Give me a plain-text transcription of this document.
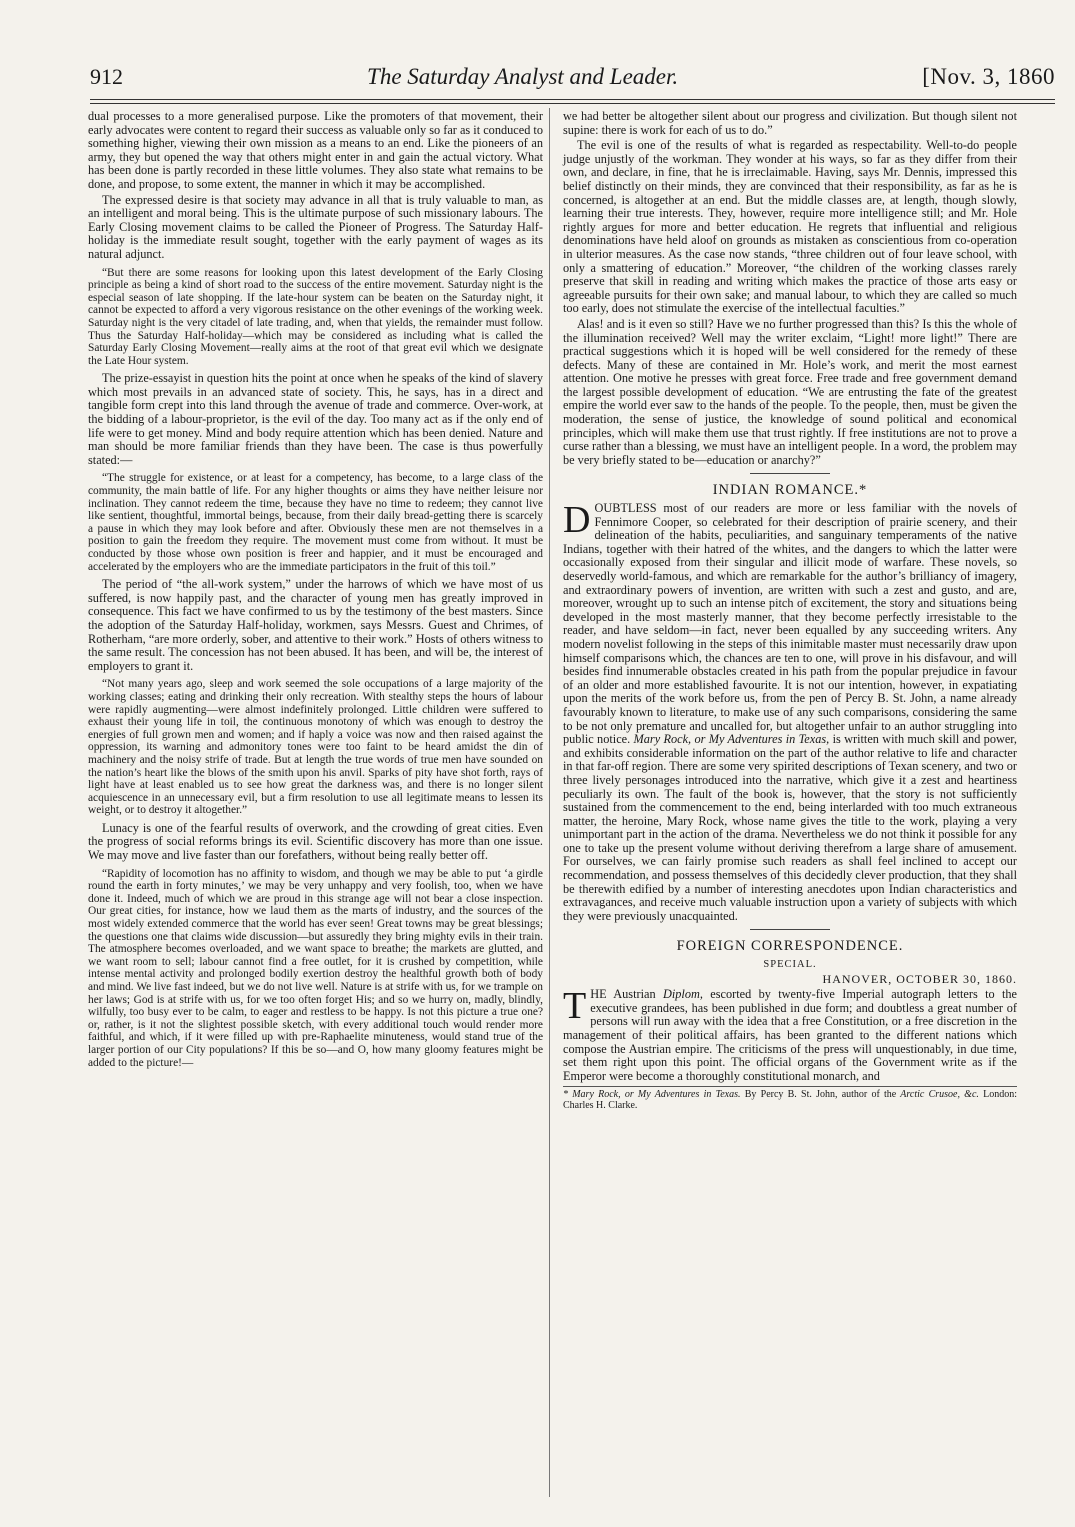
912	The Saturday Analyst and Leader.	[Nov. 3, 1860

dual processes to a more generalised purpose. Like the promoters of that movement, their early advocates were content to regard their success as valuable only so far as it conduced to something higher, viewing their own mission as a means to an end. Like the pioneers of an army, they but opened the way that others might enter in and gain the actual victory. What has been done is partly recorded in these little volumes. They also state what remains to be done, and propose, to some extent, the manner in which it may be accomplished.

The expressed desire is that society may advance in all that is truly valuable to man, as an intelligent and moral being. This is the ultimate purpose of such missionary labours. The Early Closing movement claims to be called the Pioneer of Progress. The Saturday Half-holiday is the immediate result sought, together with the early payment of wages as its natural adjunct.

“But there are some reasons for looking upon this latest development of the Early Closing principle as being a kind of short road to the success of the entire movement. Saturday night is the especial season of late shopping. If the late-hour system can be beaten on the Saturday night, it cannot be expected to afford a very vigorous resistance on the other evenings of the working week. Saturday night is the very citadel of late trading, and, when that yields, the remainder must follow. Thus the Saturday Half-holiday—which may be considered as including what is called the Saturday Early Closing Movement—really aims at the root of that great evil which we designate the Late Hour system.

The prize-essayist in question hits the point at once when he speaks of the kind of slavery which most prevails in an advanced state of society. This, he says, has in a direct and tangible form crept into this land through the avenue of trade and commerce. Over-work, at the bidding of a labour-proprietor, is the evil of the day. Too many act as if the only end of life were to get money. Mind and body require attention which has been denied. Nature and man should be more familiar friends than they have been. The case is thus powerfully stated:—

“The struggle for existence, or at least for a competency, has become, to a large class of the community, the main battle of life. For any higher thoughts or aims they have neither leisure nor inclination. They cannot redeem the time, because they have no time to redeem; they cannot live like sentient, thoughtful, immortal beings, because, from their daily bread-getting there is scarcely a pause in which they may look before and after. Obviously these men are not themselves in a position to gain the freedom they require. The movement must come from without. It must be conducted by those whose own position is freer and happier, and it must be encouraged and accelerated by the employers who are the immediate participators in the fruit of this toil.”

The period of “the all-work system,” under the harrows of which we have most of us suffered, is now happily past, and the character of young men has greatly improved in consequence. This fact we have confirmed to us by the testimony of the best masters. Since the adoption of the Saturday Half-holiday, workmen, says Messrs. Guest and Chrimes, of Rotherham, “are more orderly, sober, and attentive to their work.” Hosts of others witness to the same result. The concession has not been abused. It has been, and will be, the interest of employers to grant it.

“Not many years ago, sleep and work seemed the sole occupations of a large majority of the working classes; eating and drinking their only recreation. With stealthy steps the hours of labour were rapidly augmenting—were almost indefinitely prolonged. Little children were suffered to exhaust their young life in toil, the continuous monotony of which was enough to destroy the energies of full grown men and women; and if haply a voice was now and then raised against the oppression, its warning and admonitory tones were too faint to be heard amidst the din of machinery and the noisy strife of trade. But at length the true words of true men have sounded on the nation’s heart like the blows of the smith upon his anvil. Sparks of pity have shot forth, rays of light have at least enabled us to see how great the darkness was, and there is no longer silent acquiescence in an unnecessary evil, but a firm resolution to use all legitimate means to lessen its weight, or to destroy it altogether.”

Lunacy is one of the fearful results of overwork, and the crowding of great cities. Even the progress of social reforms brings its evil. Scientific discovery has more than one issue. We may move and live faster than our forefathers, without being really better off.

“Rapidity of locomotion has no affinity to wisdom, and though we may be able to put ‘a girdle round the earth in forty minutes,’ we may be very unhappy and very foolish, too, when we have done it. Indeed, much of which we are proud in this strange age will not bear a close inspection. Our great cities, for instance, how we laud them as the marts of industry, and the sources of the most widely extended commerce that the world has ever seen! Great towns may be great blessings; the questions one that claims wide discussion—but assuredly they bring mighty evils in their train. The atmosphere becomes overloaded, and we want space to breathe; the markets are glutted, and we want room to sell; labour cannot find a free outlet, for it is crushed by competition, while intense mental activity and prolonged bodily exertion destroy the healthful growth both of body and mind. We live fast indeed, but we do not live well. Nature is at strife with us, for we trample on her laws; God is at strife with us, for we too often forget His; and so we hurry on, madly, blindly, wilfully, too busy ever to be calm, to eager and restless to be happy. Is not this picture a true one? or, rather, is it not the slightest possible sketch, with every additional touch would render more faithful, and which, if it were filled up with pre-Raphaelite minuteness, would stand true of the larger portion of our City populations? If this be so—and O, how many gloomy features might be added to the picture!—

we had better be altogether silent about our progress and civilization. But though silent not supine: there is work for each of us to do.”

The evil is one of the results of what is regarded as respectability. Well-to-do people judge unjustly of the workman. They wonder at his ways, so far as they differ from their own, and declare, in fine, that he is irreclaimable. Having, says Mr. Dennis, impressed this belief distinctly on their minds, they are convinced that their responsibility, as far as he is concerned, is altogether at an end. But the middle classes are, at length, though slowly, learning their true interests. They, however, require more intelligence still; and Mr. Hole rightly argues for more and better education. He regrets that influential and religious denominations have held aloof on grounds as mistaken as conscientious from co-operation in ulterior measures. As the case now stands, “three children out of four leave school, with only a smattering of education.” Moreover, “the children of the working classes rarely preserve that skill in reading and writing which makes the practice of those arts easy or agreeable pursuits for their own sake; and manual labour, to which they are called so much too early, does not stimulate the exercise of the intellectual faculties.”

Alas! and is it even so still? Have we no further progressed than this? Is this the whole of the illumination received? Well may the writer exclaim, “Light! more light!” There are practical suggestions which it is hoped will be well considered for the remedy of these defects. Many of these are contained in Mr. Hole’s work, and merit the most earnest attention. One motive he presses with great force. Free trade and free government demand the largest possible development of education. “We are entrusting the fate of the greatest empire the world ever saw to the hands of the people. To the people, then, must be given the moderation, the sense of justice, the knowledge of sound political and economical principles, which will make them use that trust rightly. If free institutions are not to prove a curse rather than a blessing, we must have an intelligent people. In a word, the problem may be very briefly stated to be—education or anarchy?”

INDIAN ROMANCE.*

DOUBTLESS most of our readers are more or less familiar with the novels of Fennimore Cooper, so celebrated for their description of prairie scenery, and their delineation of the habits, peculiarities, and sanguinary temperaments of the native Indians, together with their hatred of the whites, and the dangers to which the latter were occasionally exposed from their singular and illicit mode of warfare. These novels, so deservedly world-famous, and which are remarkable for the author’s brilliancy of imagery, and extraordinary powers of invention, are written with such a zest and gusto, and are, moreover, wrought up to such an intense pitch of excitement, the story and situations being developed in the most masterly manner, that they become perfectly irresistable to the reader, and have seldom—in fact, never been equalled by any succeeding writers. Any modern novelist following in the steps of this inimitable master must necessarily draw upon himself comparisons which, the chances are ten to one, will prove in his disfavour, and will besides find innumerable obstacles created in his path from the popular prejudice in favour of an older and more established favourite. It is not our intention, however, in expatiating upon the merits of the work before us, from the pen of Percy B. St. John, a name already favourably known to literature, to make use of any such comparisons, considering the same to be not only premature and uncalled for, but altogether unfair to an author struggling into public notice. Mary Rock, or My Adventures in Texas, is written with much skill and power, and exhibits considerable information on the part of the author relative to life and character in that far-off region. There are some very spirited descriptions of Texan scenery, and two or three lively personages introduced into the narrative, which give it a zest and heartiness peculiarly its own. The fault of the book is, however, that the story is not sufficiently sustained from the commencement to the end, being interlarded with too much extraneous matter, the heroine, Mary Rock, whose name gives the title to the work, playing a very unimportant part in the action of the drama. Nevertheless we do not think it possible for any one to take up the present volume without deriving therefrom a large share of amusement. For ourselves, we can fairly promise such readers as shall feel inclined to accept our recommendation, and possess themselves of this decidedly clever production, that they shall be therewith edified by a number of interesting anecdotes upon Indian characteristics and extravagances, and receive much valuable instruction upon a variety of subjects with which they were previously unacquainted.

FOREIGN CORRESPONDENCE.
SPECIAL.
HANOVER, OCTOBER 30, 1860.

THE Austrian Diplom, escorted by twenty-five Imperial autograph letters to the executive grandees, has been published in due form; and doubtless a great number of persons will run away with the idea that a free Constitution, or a free discretion in the management of their political affairs, has been granted to the different nations which compose the Austrian empire. The criticisms of the press will unquestionably, in due time, set them right upon this point. The official organs of the Government write as if the Emperor were become a thoroughly constitutional monarch, and

* Mary Rock, or My Adventures in Texas. By Percy B. St. John, author of the Arctic Crusoe, &c. London: Charles H. Clarke.
